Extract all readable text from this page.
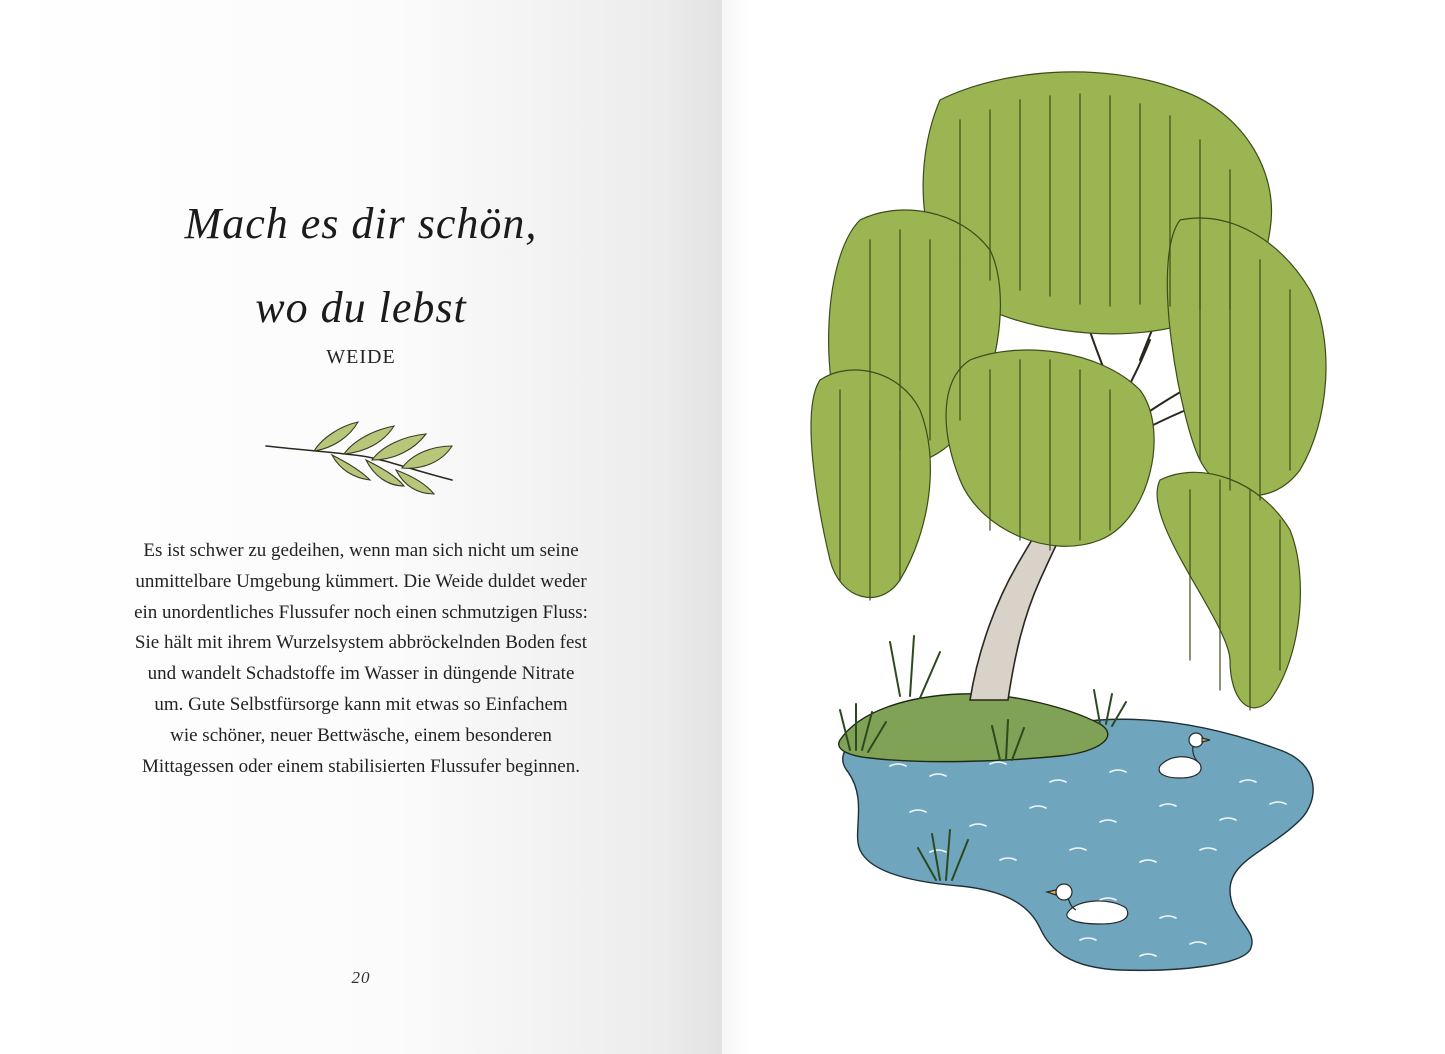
Mach es dir schön,
wo du lebst
WEIDE
Es ist schwer zu gedeihen, wenn man sich nicht um seine
unmittelbare Umgebung kümmert. Die Weide duldet weder
ein unordentliches Flussufer noch einen schmutzigen Fluss:
Sie hält mit ihrem Wurzelsystem abbröckelnden Boden fest
und wandelt Schadstoffe im Wasser in düngende Nitrate
um. Gute Selbstfürsorge kann mit etwas so Einfachem
wie schöner, neuer Bettwäsche, einem besonderen
Mittagessen oder einem stabilisierten Flussufer beginnen.
20
